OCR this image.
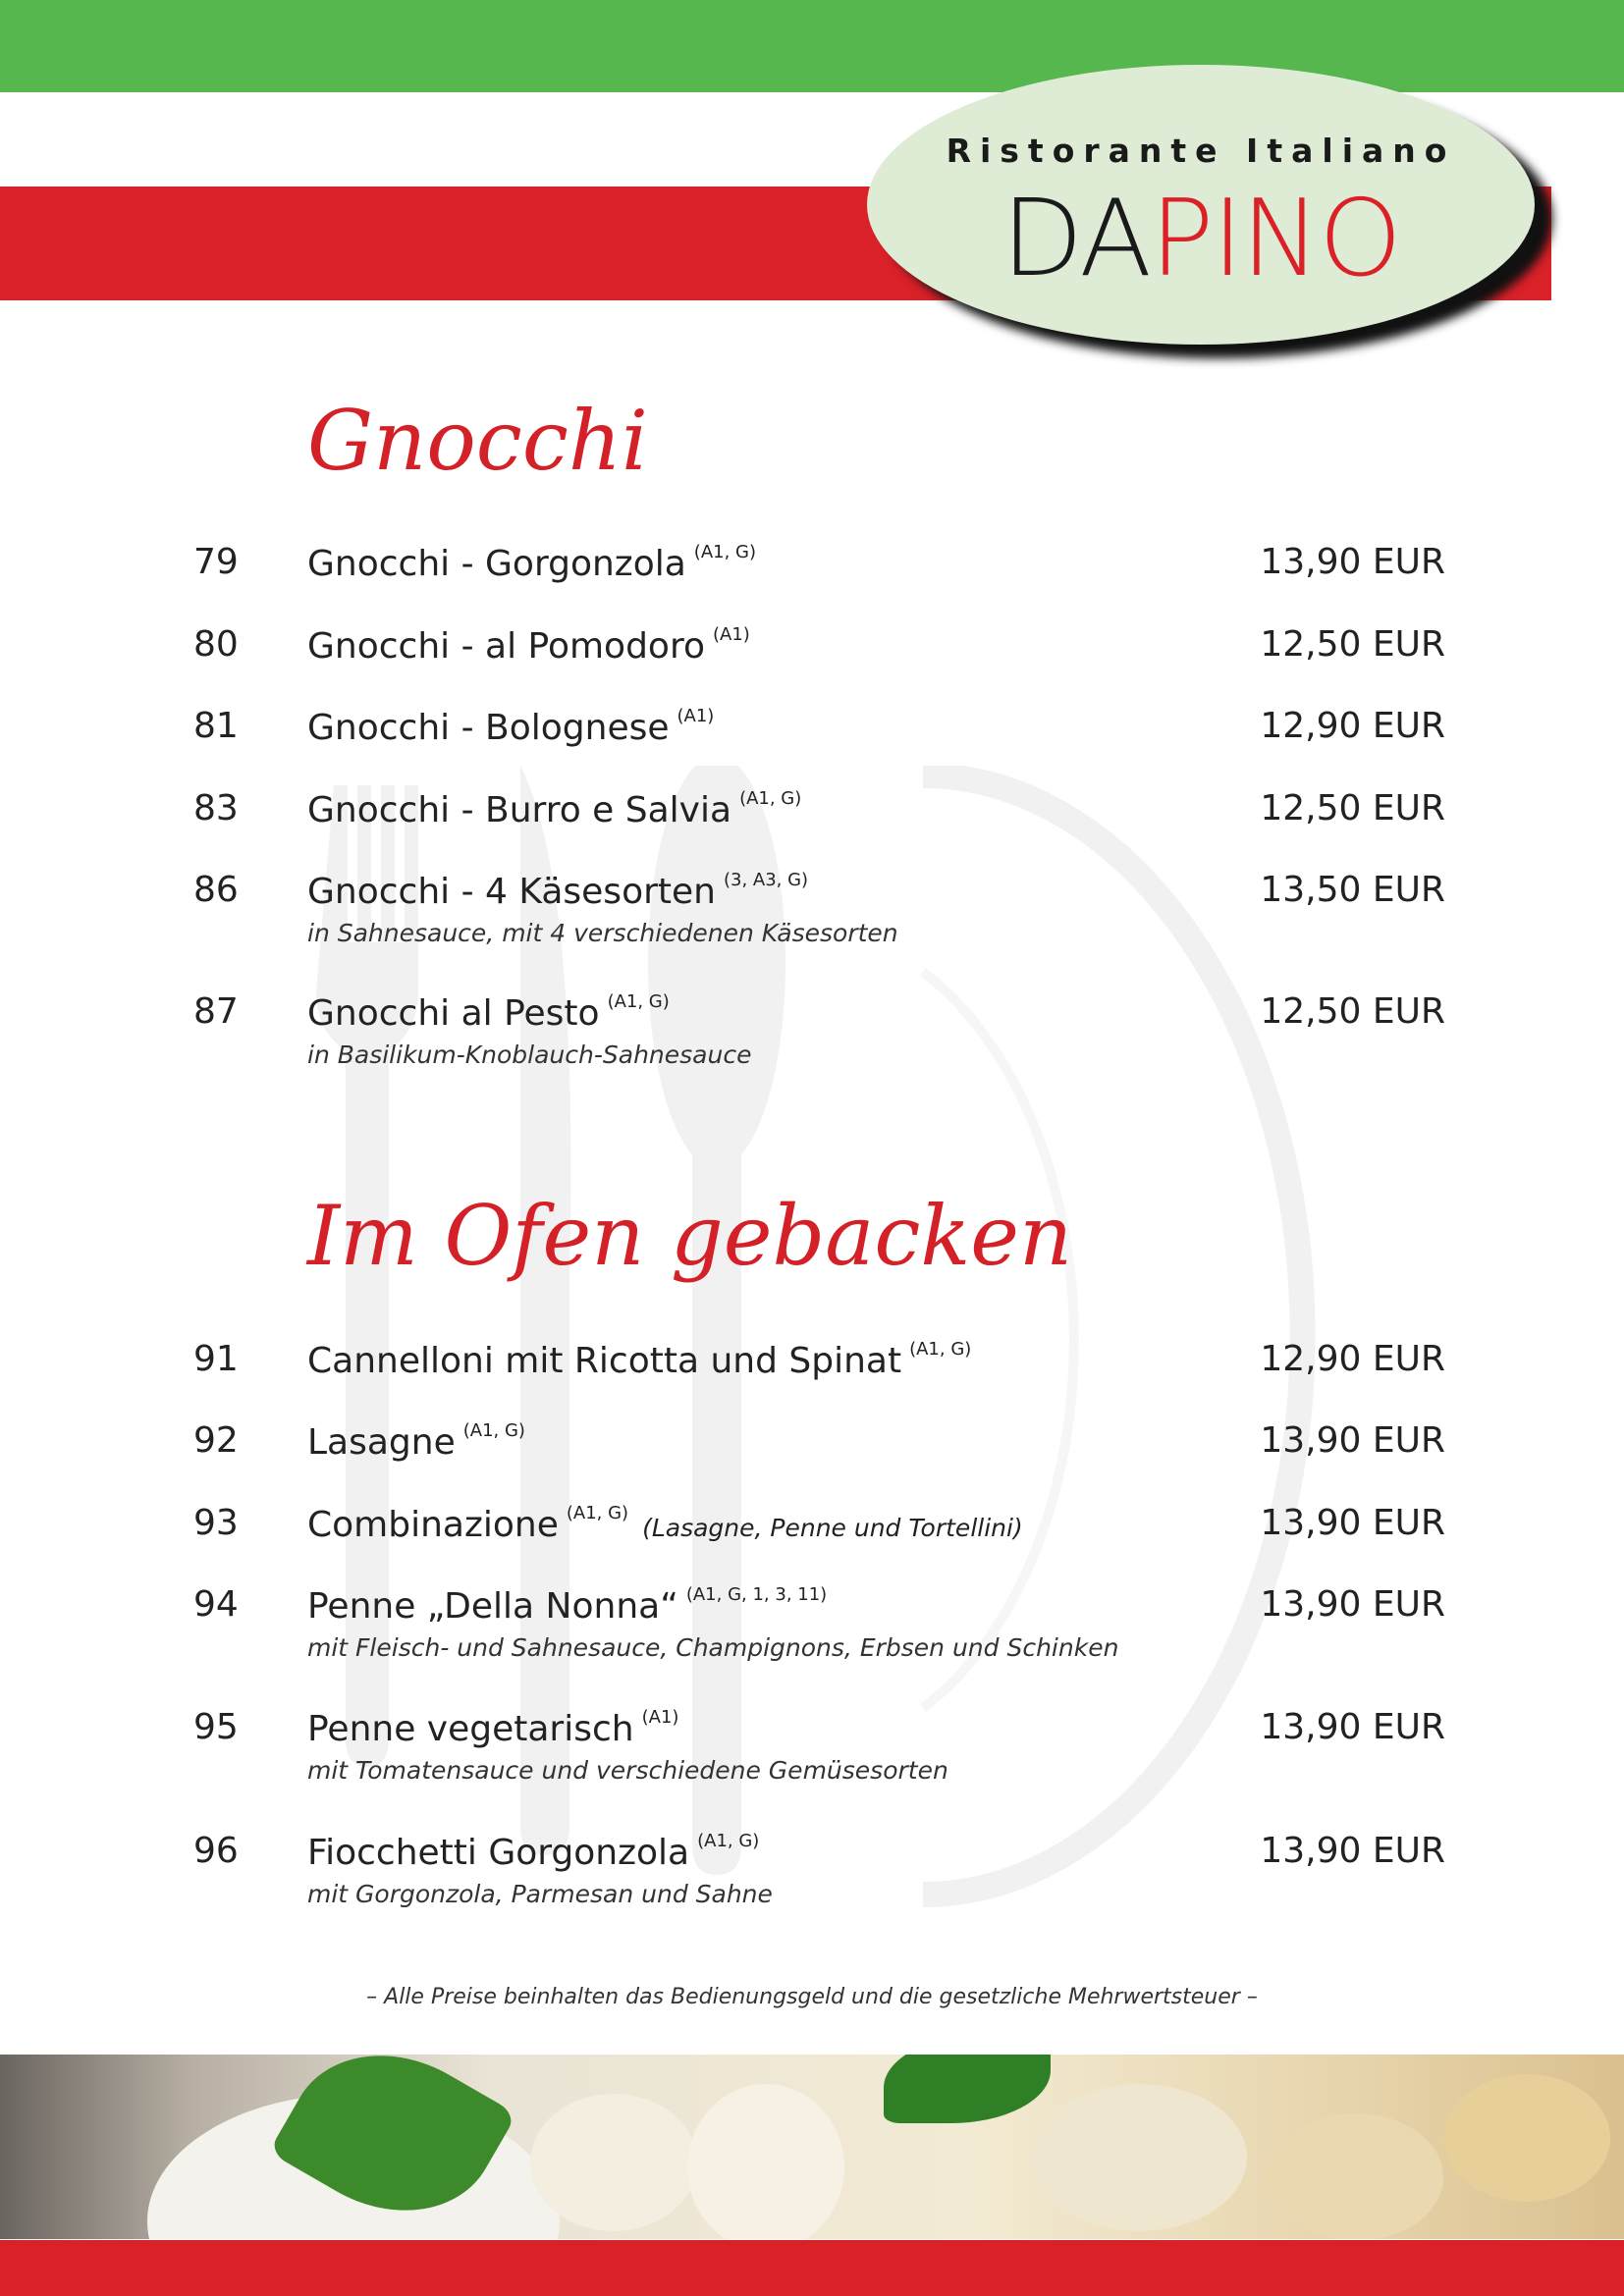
Ristorante Italiano
DAPINO
Gnocchi
79 Gnocchi - Gorgonzola $^{(A1, G)}$	13,90 EUR
80 Gnocchi - al Pomodoro $^{(A1)}$	12,50 EUR
81 Gnocchi - Bolognese $^{(A1)}$	12,90 EUR
83 Gnocchi - Burro e Salvia $^{(A1, G)}$	12,50 EUR
86 Gnocchi - 4 Käsesorten $^{(3, A3, G)}$	13,50 EUR
in Sahnesauce, mit 4 verschiedenen Käsesorten
87 Gnocchi al Pesto $^{(A1, G)}$	12,50 EUR
in Basilikum-Knoblauch-Sahnesauce
Im Ofen gebacken
91 Cannelloni mit Ricotta und Spinat $^{(A1, G)}$	12,90 EUR
92 Lasagne $^{(A1, G)}$	13,90 EUR
93 Combinazione $^{(A1, G)}$(Lasagne, Penne und Tortellini)	13,90 EUR
94 Penne „Della Nonna“ $^{(A1, G, 1, 3, 11)}$	13,90 EUR
mit Fleisch- und Sahnesauce, Champignons, Erbsen und Schinken
95 Penne vegetarisch $^{(A1)}$	13,90 EUR
mit Tomatensauce und verschiedene Gemüsesorten
96 Fiocchetti Gorgonzola $^{(A1, G)}$	13,90 EUR
mit Gorgonzola, Parmesan und Sahne
– Alle Preise beinhalten das Bedienungsgeld und die gesetzliche Mehrwertsteuer –
